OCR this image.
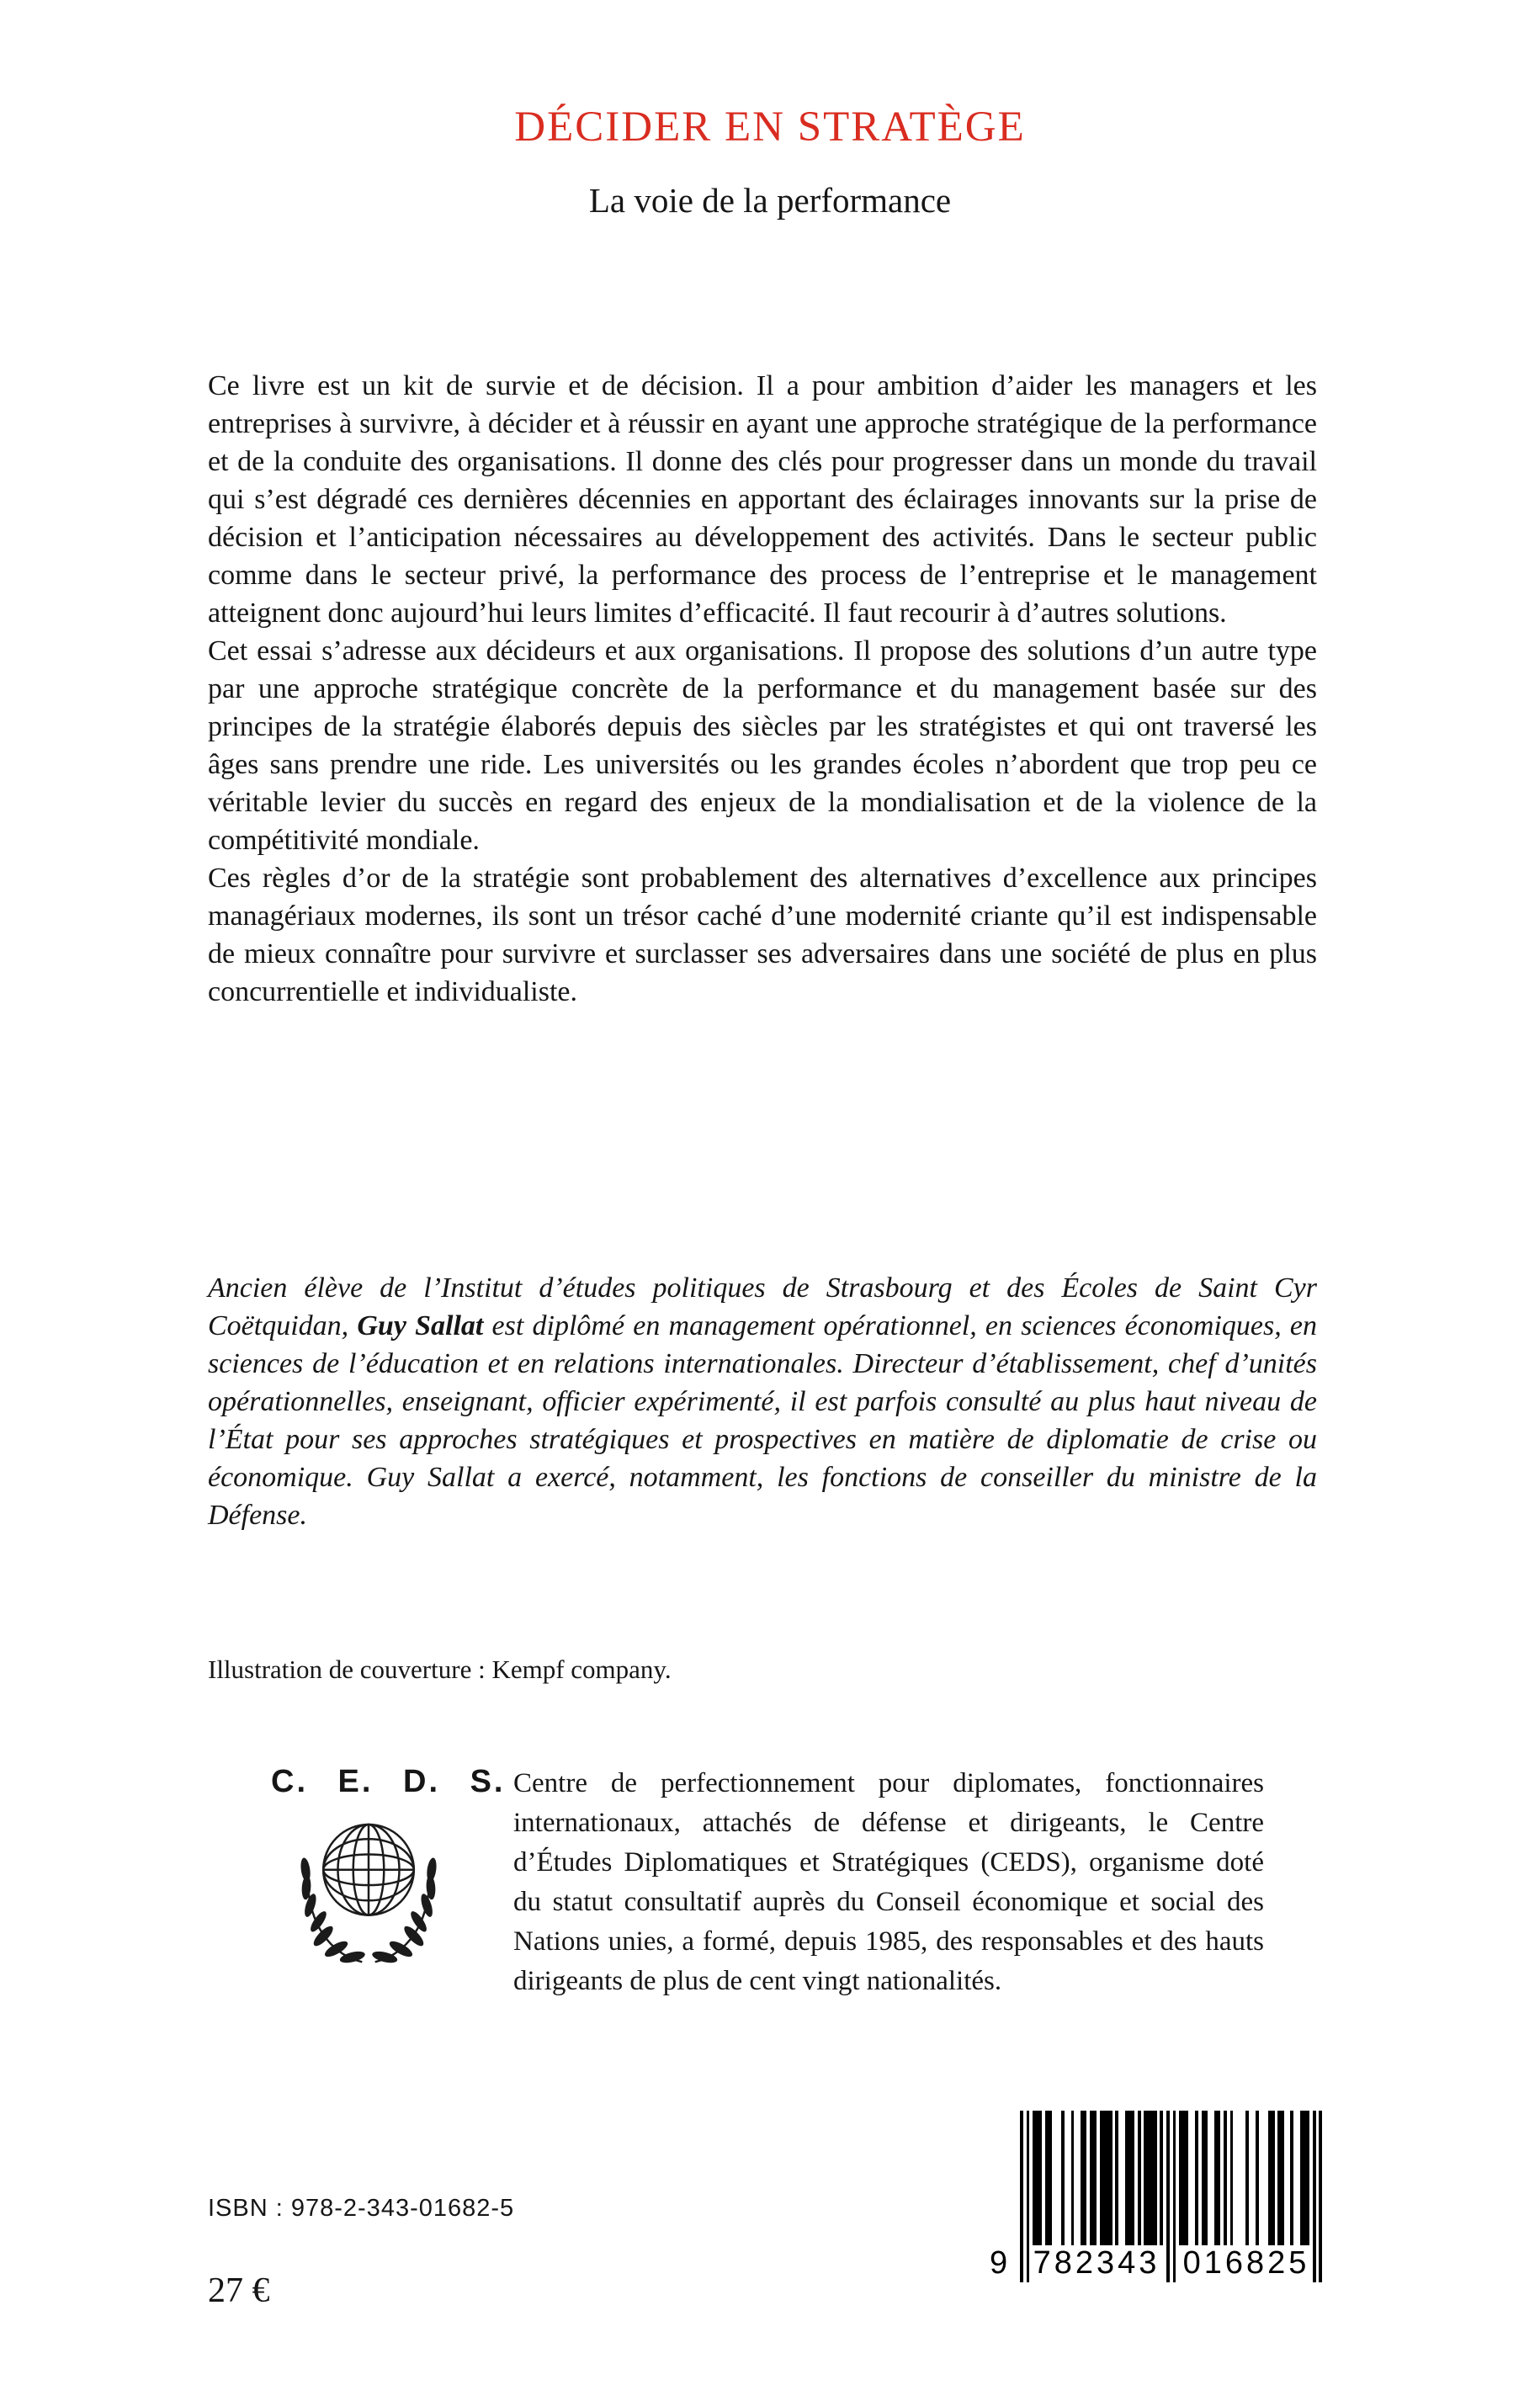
DÉCIDER EN STRATÈGE
La voie de la performance

Ce livre est un kit de survie et de décision. Il a pour ambition d’aider les managers et les entreprises à survivre, à décider et à réussir en ayant une approche stratégique de la performance et de la conduite des organisations. Il donne des clés pour progresser dans un monde du travail qui s’est dégradé ces dernières décennies en apportant des éclairages innovants sur la prise de décision et l’anticipation nécessaires au développement des activités. Dans le secteur public comme dans le secteur privé, la performance des process de l’entreprise et le management atteignent donc aujourd’hui leurs limites d’efficacité. Il faut recourir à d’autres solutions.

Cet essai s’adresse aux décideurs et aux organisations. Il propose des solutions d’un autre type par une approche stratégique concrète de la performance et du management basée sur des principes de la stratégie élaborés depuis des siècles par les stratégistes et qui ont traversé les âges sans prendre une ride. Les universités ou les grandes écoles n’abordent que trop peu ce véritable levier du succès en regard des enjeux de la mondialisation et de la violence de la compétitivité mondiale.

Ces règles d’or de la stratégie sont probablement des alternatives d’excellence aux principes managériaux modernes, ils sont un trésor caché d’une modernité criante qu’il est indispensable de mieux connaître pour survivre et surclasser ses adversaires dans une société de plus en plus concurrentielle et individualiste.

Ancien élève de l’Institut d’études politiques de Strasbourg et des Écoles de Saint Cyr Coëtquidan, Guy Sallat est diplômé en management opérationnel, en sciences économiques, en sciences de l’éducation et en relations internationales. Directeur d’établissement, chef d’unités opérationnelles, enseignant, officier expérimenté, il est parfois consulté au plus haut niveau de l’État pour ses approches stratégiques et prospectives en matière de diplomatie de crise ou économique. Guy Sallat a exercé, notamment, les fonctions de conseiller du ministre de la Défense.

Illustration de couverture : Kempf company.

C. E. D. S. Centre de perfectionnement pour diplomates, fonctionnaires internationaux, attachés de défense et dirigeants, le Centre d’Études Diplomatiques et Stratégiques (CEDS), organisme doté du statut consultatif auprès du Conseil économique et social des Nations unies, a formé, depuis 1985, des responsables et des hauts dirigeants de plus de cent vingt nationalités.

ISBN : 978-2-343-01682-5
27 €
9 782343 016825
